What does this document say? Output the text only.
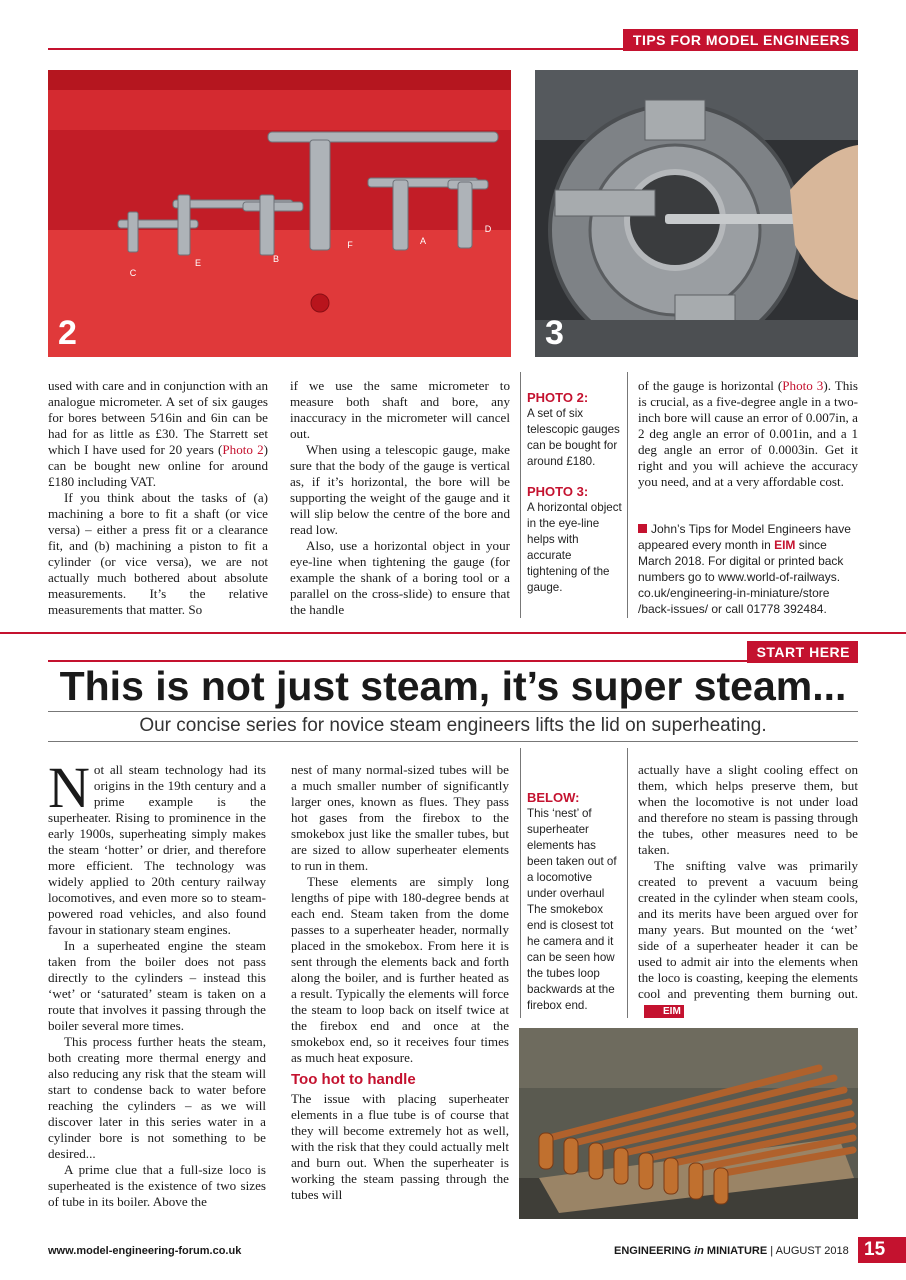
TIPS FOR MODEL ENGINEERS
C
E	B
F	A
D
2	3

used with care and in conjunction with an analogue micrometer. A set of six gauges for bores between 5⁄16in and 6in can be had for as little as £30. The Starrett set which I have used for 20 years (Photo 2) can be bought new online for around £180 including VAT.

If you think about the tasks of (a) machining a bore to fit a shaft (or vice versa) – either a press fit or a clearance fit, and (b) machining a piston to fit a cylinder (or vice versa), we are not actually much bothered about absolute measurements. It’s the relative measurements that matter. So

if we use the same micrometer to measure both shaft and bore, any inaccuracy in the micrometer will cancel out.

When using a telescopic gauge, make sure that the body of the gauge is vertical as, if it’s horizontal, the bore will be supporting the weight of the gauge and it will slip below the centre of the bore and read low.

Also, use a horizontal object in your eye-line when tightening the gauge (for example the shank of a boring tool or a parallel on the cross-slide) to ensure that the handle

PHOTO 2:
A set of six telescopic gauges can be bought for around £180.
PHOTO 3:
A horizontal object in the eye-line helps with accurate tightening of the gauge.

of the gauge is horizontal (Photo 3). This is crucial, as a five-degree angle in a two-inch bore will cause an error of 0.007in, a 2 deg angle an error of 0.001in, and a 1 deg angle an error of 0.0003in. Get it right and you will achieve the accuracy you need, and at a very affordable cost.

John’s Tips for Model Engineers have appeared every month in EIM since March 2018. For digital or printed back numbers go to www.world-of-railways. co.uk/engineering-in-miniature/store /back-issues/ or call 01778 392484.
START HERE
This is not just steam, it’s super steam...
Our concise series for novice steam engineers lifts the lid on superheating.

Not all steam technology had its origins in the 19th century and a prime example is the superheater. Rising to prominence in the early 1900s, superheating simply makes the steam ‘hotter’ or drier, and therefore more efficient. The technology was widely applied to 20th century railway locomotives, and even more so to steam-powered road vehicles, and also found favour in stationary steam engines.

In a superheated engine the steam taken from the boiler does not pass directly to the cylinders – instead this ‘wet’ or ‘saturated’ steam is taken on a route that involves it passing through the boiler several more times.

This process further heats the steam, both creating more thermal energy and also reducing any risk that the steam will start to condense back to water before reaching the cylinders – as we will discover later in this series water in a cylinder bore is not something to be desired...

A prime clue that a full-size loco is superheated is the existence of two sizes of tube in its boiler. Above the

nest of many normal-sized tubes will be a much smaller number of significantly larger ones, known as flues. They pass hot gases from the firebox to the smokebox just like the smaller tubes, but are sized to allow superheater elements to run in them.

These elements are simply long lengths of pipe with 180-degree bends at each end. Steam taken from the dome passes to a superheater header, normally placed in the smokebox. From here it is sent through the elements back and forth along the boiler, and is further heated as a result. Typically the elements will force the steam to loop back on itself twice at the firebox end and once at the smokebox end, so it receives four times as much heat exposure.

Too hot to handle

The issue with placing superheater elements in a flue tube is of course that they will become extremely hot as well, with the risk that they could actually melt and burn out. When the superheater is working the steam passing through the tubes will

BELOW:
This ‘nest’ of superheater elements has been taken out of a locomotive under overhaul The smokebox end is closest tot he camera and it can be seen how the tubes loop backwards at the firebox end.

actually have a slight cooling effect on them, which helps preserve them, but when the locomotive is not under load and therefore no steam is passing through the tubes, other measures need to be taken.

The snifting valve was primarily created to prevent a vacuum being created in the cylinder when steam cools, and its merits have been argued over for many years. But mounted on the ‘wet’ side of a superheater header it can be used to admit air into the elements when the loco is coasting, keeping the elements cool and preventing them burning out.EIM

www.model-engineering-forum.co.uk	ENGINEERING in MINIATURE | AUGUST 2018 15
